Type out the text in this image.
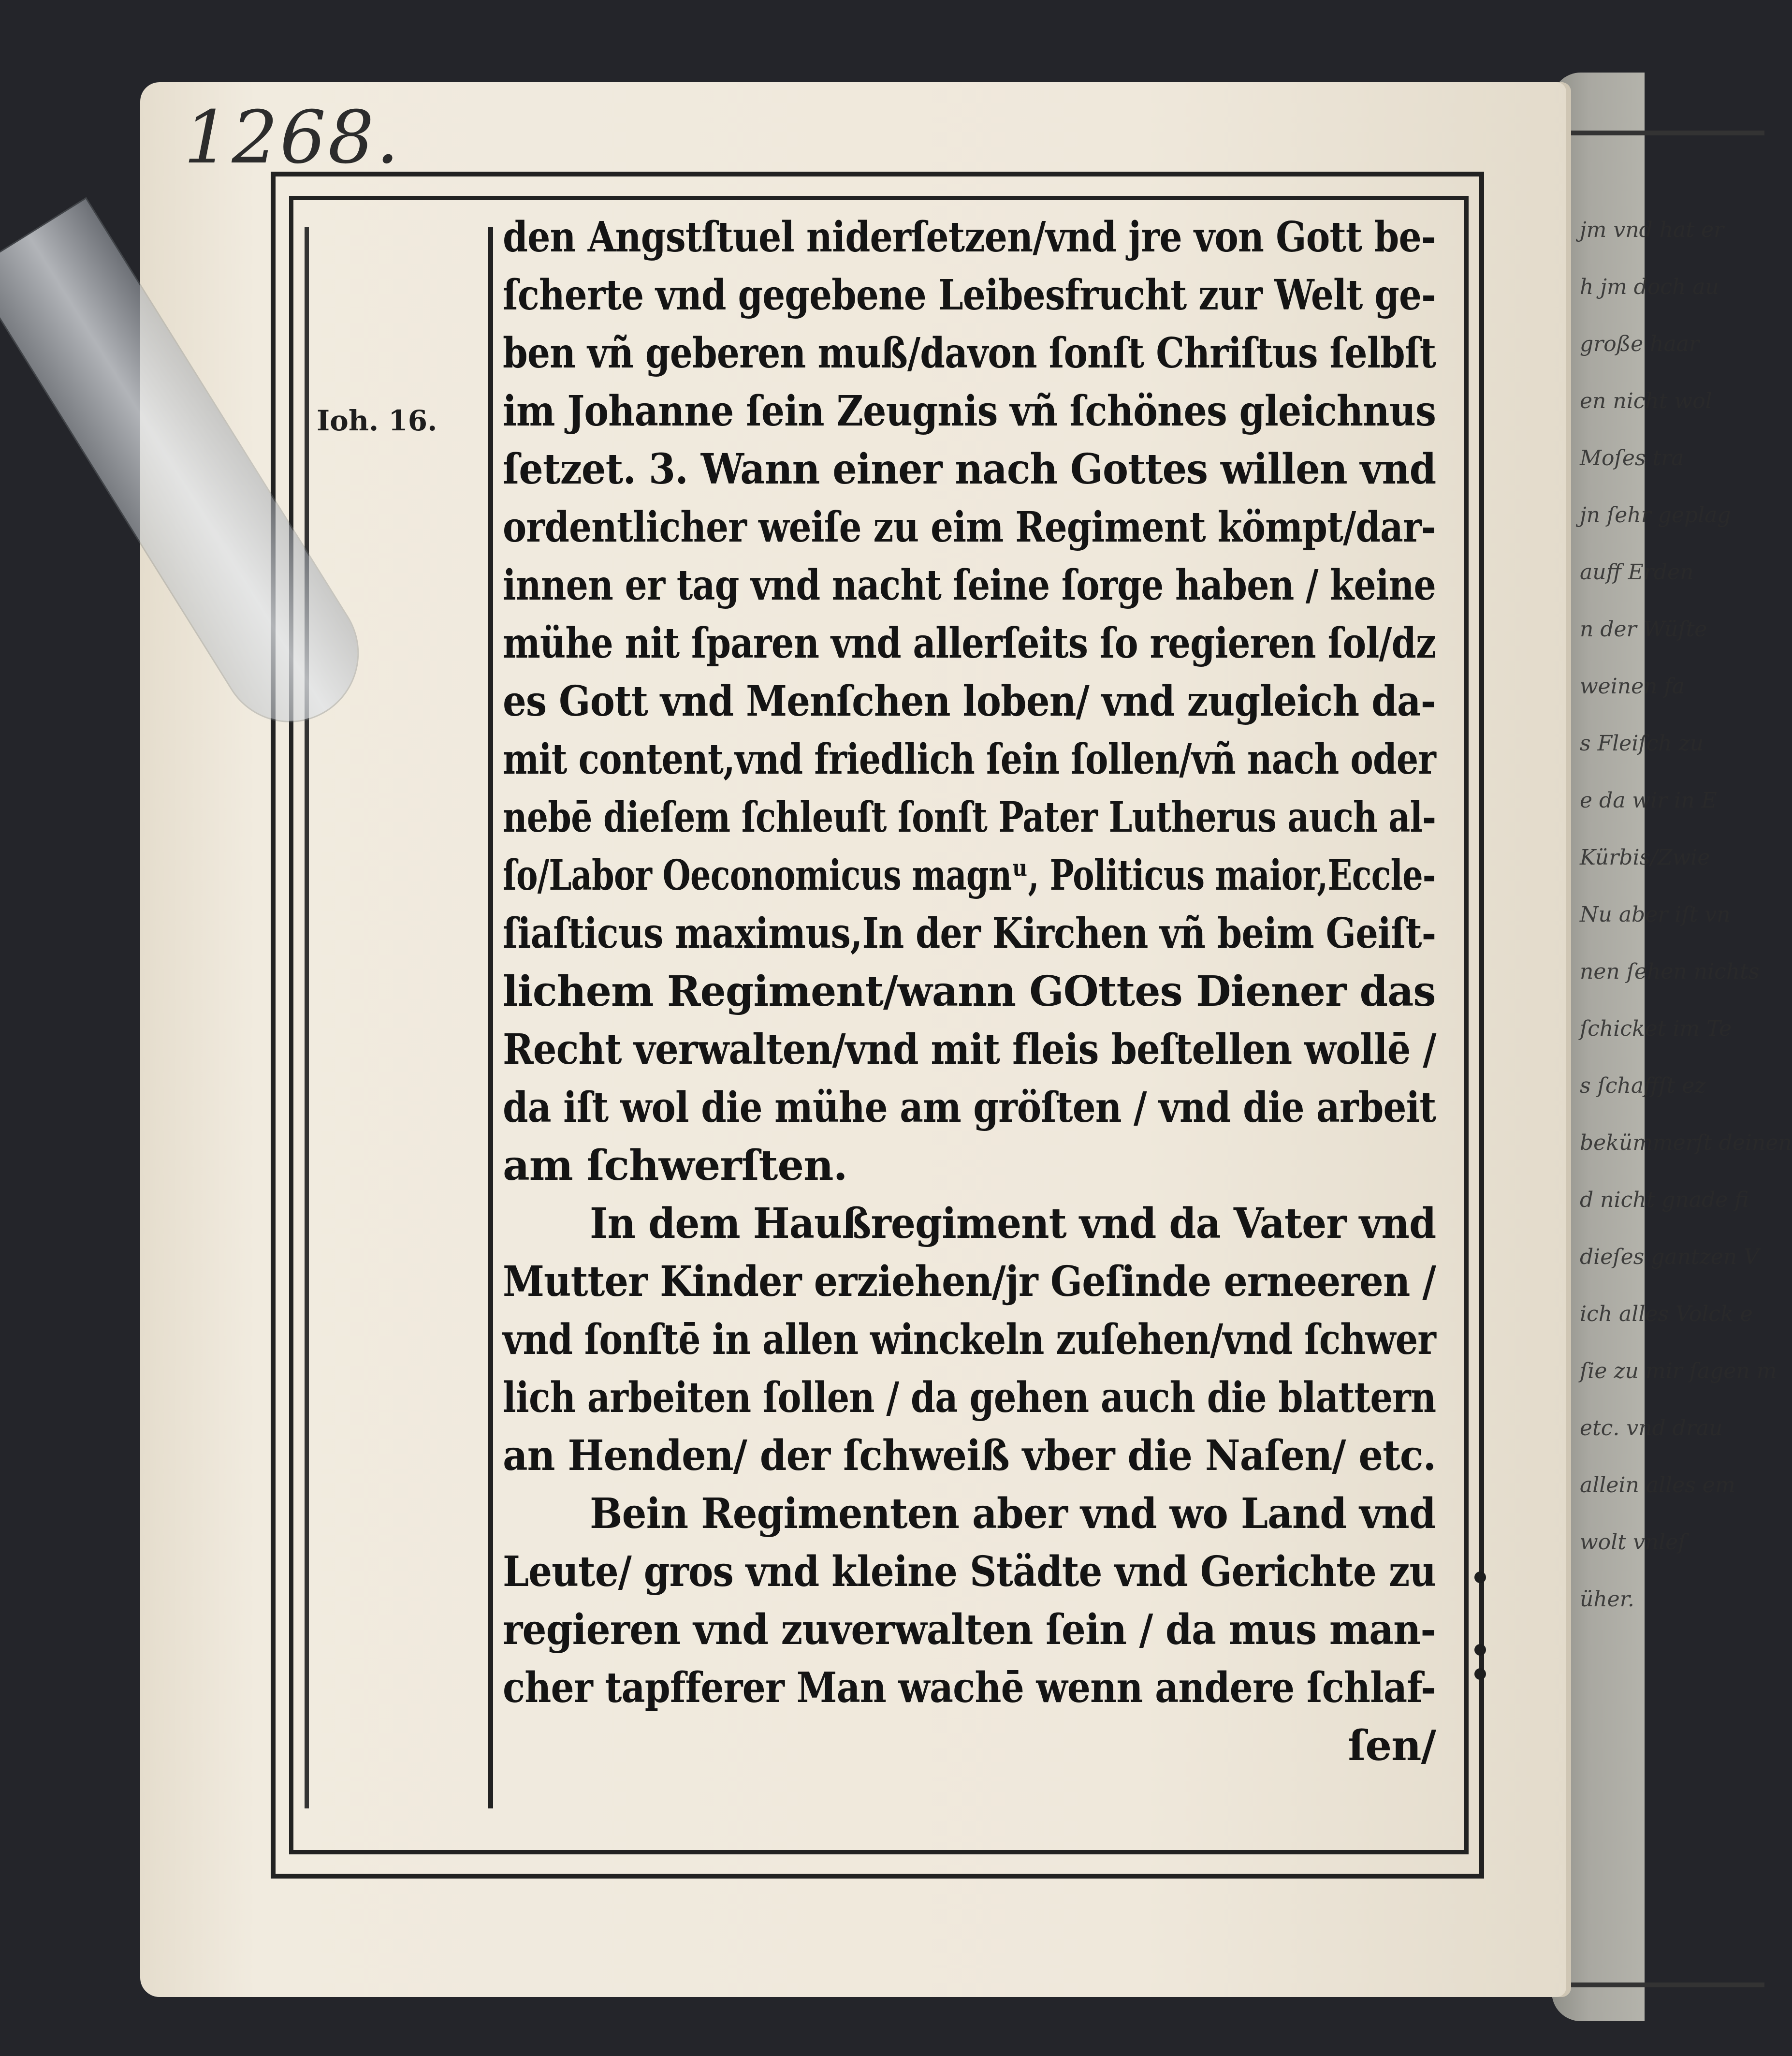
jm vnd hat er
h jm doch au
große haar
en nicht wol
Moſes tra
jn ſehr geplag
auff Erden
n der Wüſte
weinen fa
s Fleiſch zu
e da wir in E
Kürbis/Zwie
Nu aber iſt vn
nen ſehen nichts
ſchicket im Te
s ſchaffſt ez
bekümmerſt deinen
d nicht gnade fi
dieſes gantzen V
ich alles Volck e
ſie zu mir ſagen m
etc. vnd drau
allein alles em
wolt vnleſ
üher.
1268.
Ioh. 16.
den Angstſtuel niderſetzen/vnd jre von Gott be-
ſcherte vnd gegebene Leibesfrucht zur Welt ge-
ben vñ geberen muß/davon ſonſt Chriſtus ſelbſt
im Johanne ſein Zeugnis vñ ſchönes gleichnus
ſetzet. 3. Wann einer nach Gottes willen vnd
ordentlicher weiſe zu eim Regiment kömpt/dar-
innen er tag vnd nacht ſeine ſorge haben / keine
mühe nit ſparen vnd allerſeits ſo regieren ſol/dz
es Gott vnd Menſchen loben/ vnd zugleich da-
mit content,vnd friedlich ſein ſollen/vñ nach oder
nebē dieſem ſchleuſt ſonſt Pater Lutherus auch al-
ſo/Labor Oeconomicus magnᵘ, Politicus maior,Eccle-
ſiaſticus maximus,In der Kirchen vñ beim Geiſt-
lichem Regiment/wann GOttes Diener das
Recht verwalten/vnd mit fleis beſtellen wollē /
da iſt wol die mühe am gröſten / vnd die arbeit
am ſchwerſten.
In dem Haußregiment vnd da Vater vnd
Mutter Kinder erziehen/jr Geſinde erneeren /
vnd ſonſtē in allen winckeln zuſehen/vnd ſchwer
lich arbeiten ſollen / da gehen auch die blattern
an Henden/ der ſchweiß vber die Naſen/ etc.
Bein Regimenten aber vnd wo Land vnd
Leute/ gros vnd kleine Städte vnd Gerichte zu
regieren vnd zuverwalten ſein / da mus man-
cher tapfferer Man wachē wenn andere ſchlaf-
ſen/
